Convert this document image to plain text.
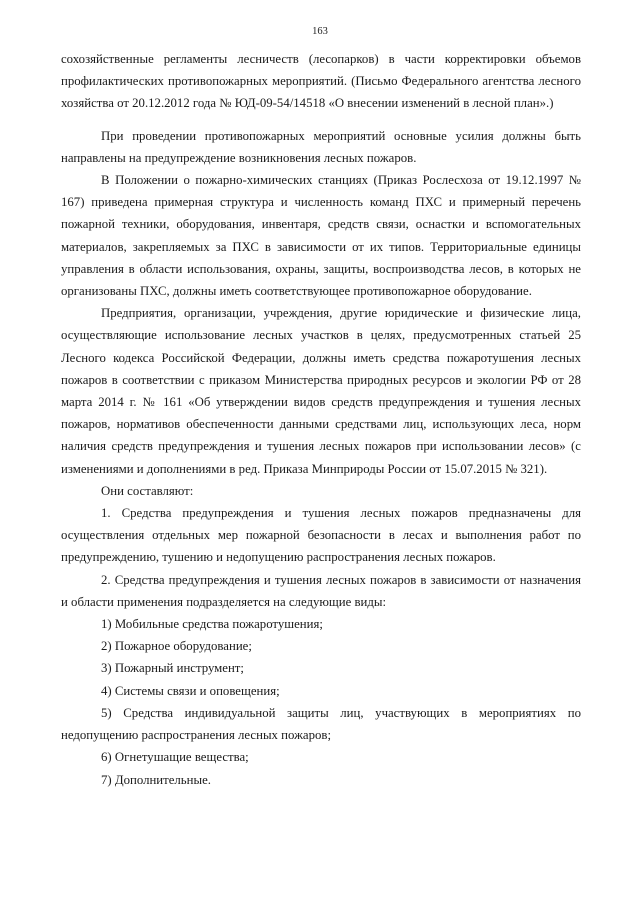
163

сохозяйственные регламенты лесничеств (лесопарков) в части корректировки объемов профилактических противопожарных мероприятий. (Письмо Федерального агентства лесного хозяйства от 20.12.2012 года № ЮД-09-54/14518 «О внесении изменений в лесной план».)

При проведении противопожарных мероприятий основные усилия должны быть направлены на предупреждение возникновения лесных пожаров.

В Положении о пожарно-химических станциях (Приказ Рослесхоза от 19.12.1997 № 167) приведена примерная структура и численность команд ПХС и примерный перечень пожарной техники, оборудования, инвентаря, средств связи, оснастки и вспомогательных материалов, закрепляемых за ПХС в зависимости от их типов. Территориальные единицы управления в области использования, охраны, защиты, воспроизводства лесов, в которых не организованы ПХС, должны иметь соответствующее противопожарное оборудование.

Предприятия, организации, учреждения, другие юридические и физические лица, осуществляющие использование лесных участков в целях, предусмотренных статьей 25 Лесного кодекса Российской Федерации, должны иметь средства пожаротушения лесных пожаров в соответствии с приказом Министерства природных ресурсов и экологии РФ от 28 марта 2014 г. № 161 «Об утверждении видов средств предупреждения и тушения лесных пожаров, нормативов обеспеченности данными средствами лиц, использующих леса, норм наличия средств предупреждения и тушения лесных пожаров при использовании лесов» (с изменениями и дополнениями в ред. Приказа Минприроды России от 15.07.2015 № 321).

Они составляют:

1. Средства предупреждения и тушения лесных пожаров предназначены для осуществления отдельных мер пожарной безопасности в лесах и выполнения работ по предупреждению, тушению и недопущению распространения лесных пожаров.

2. Средства предупреждения и тушения лесных пожаров в зависимости от назначения и области применения подразделяется на следующие виды:

1) Мобильные средства пожаротушения;

2) Пожарное оборудование;

3) Пожарный инструмент;

4) Системы связи и оповещения;

5) Средства индивидуальной защиты лиц, участвующих в мероприятиях по недопущению распространения лесных пожаров;

6) Огнетушащие вещества;

7) Дополнительные.
